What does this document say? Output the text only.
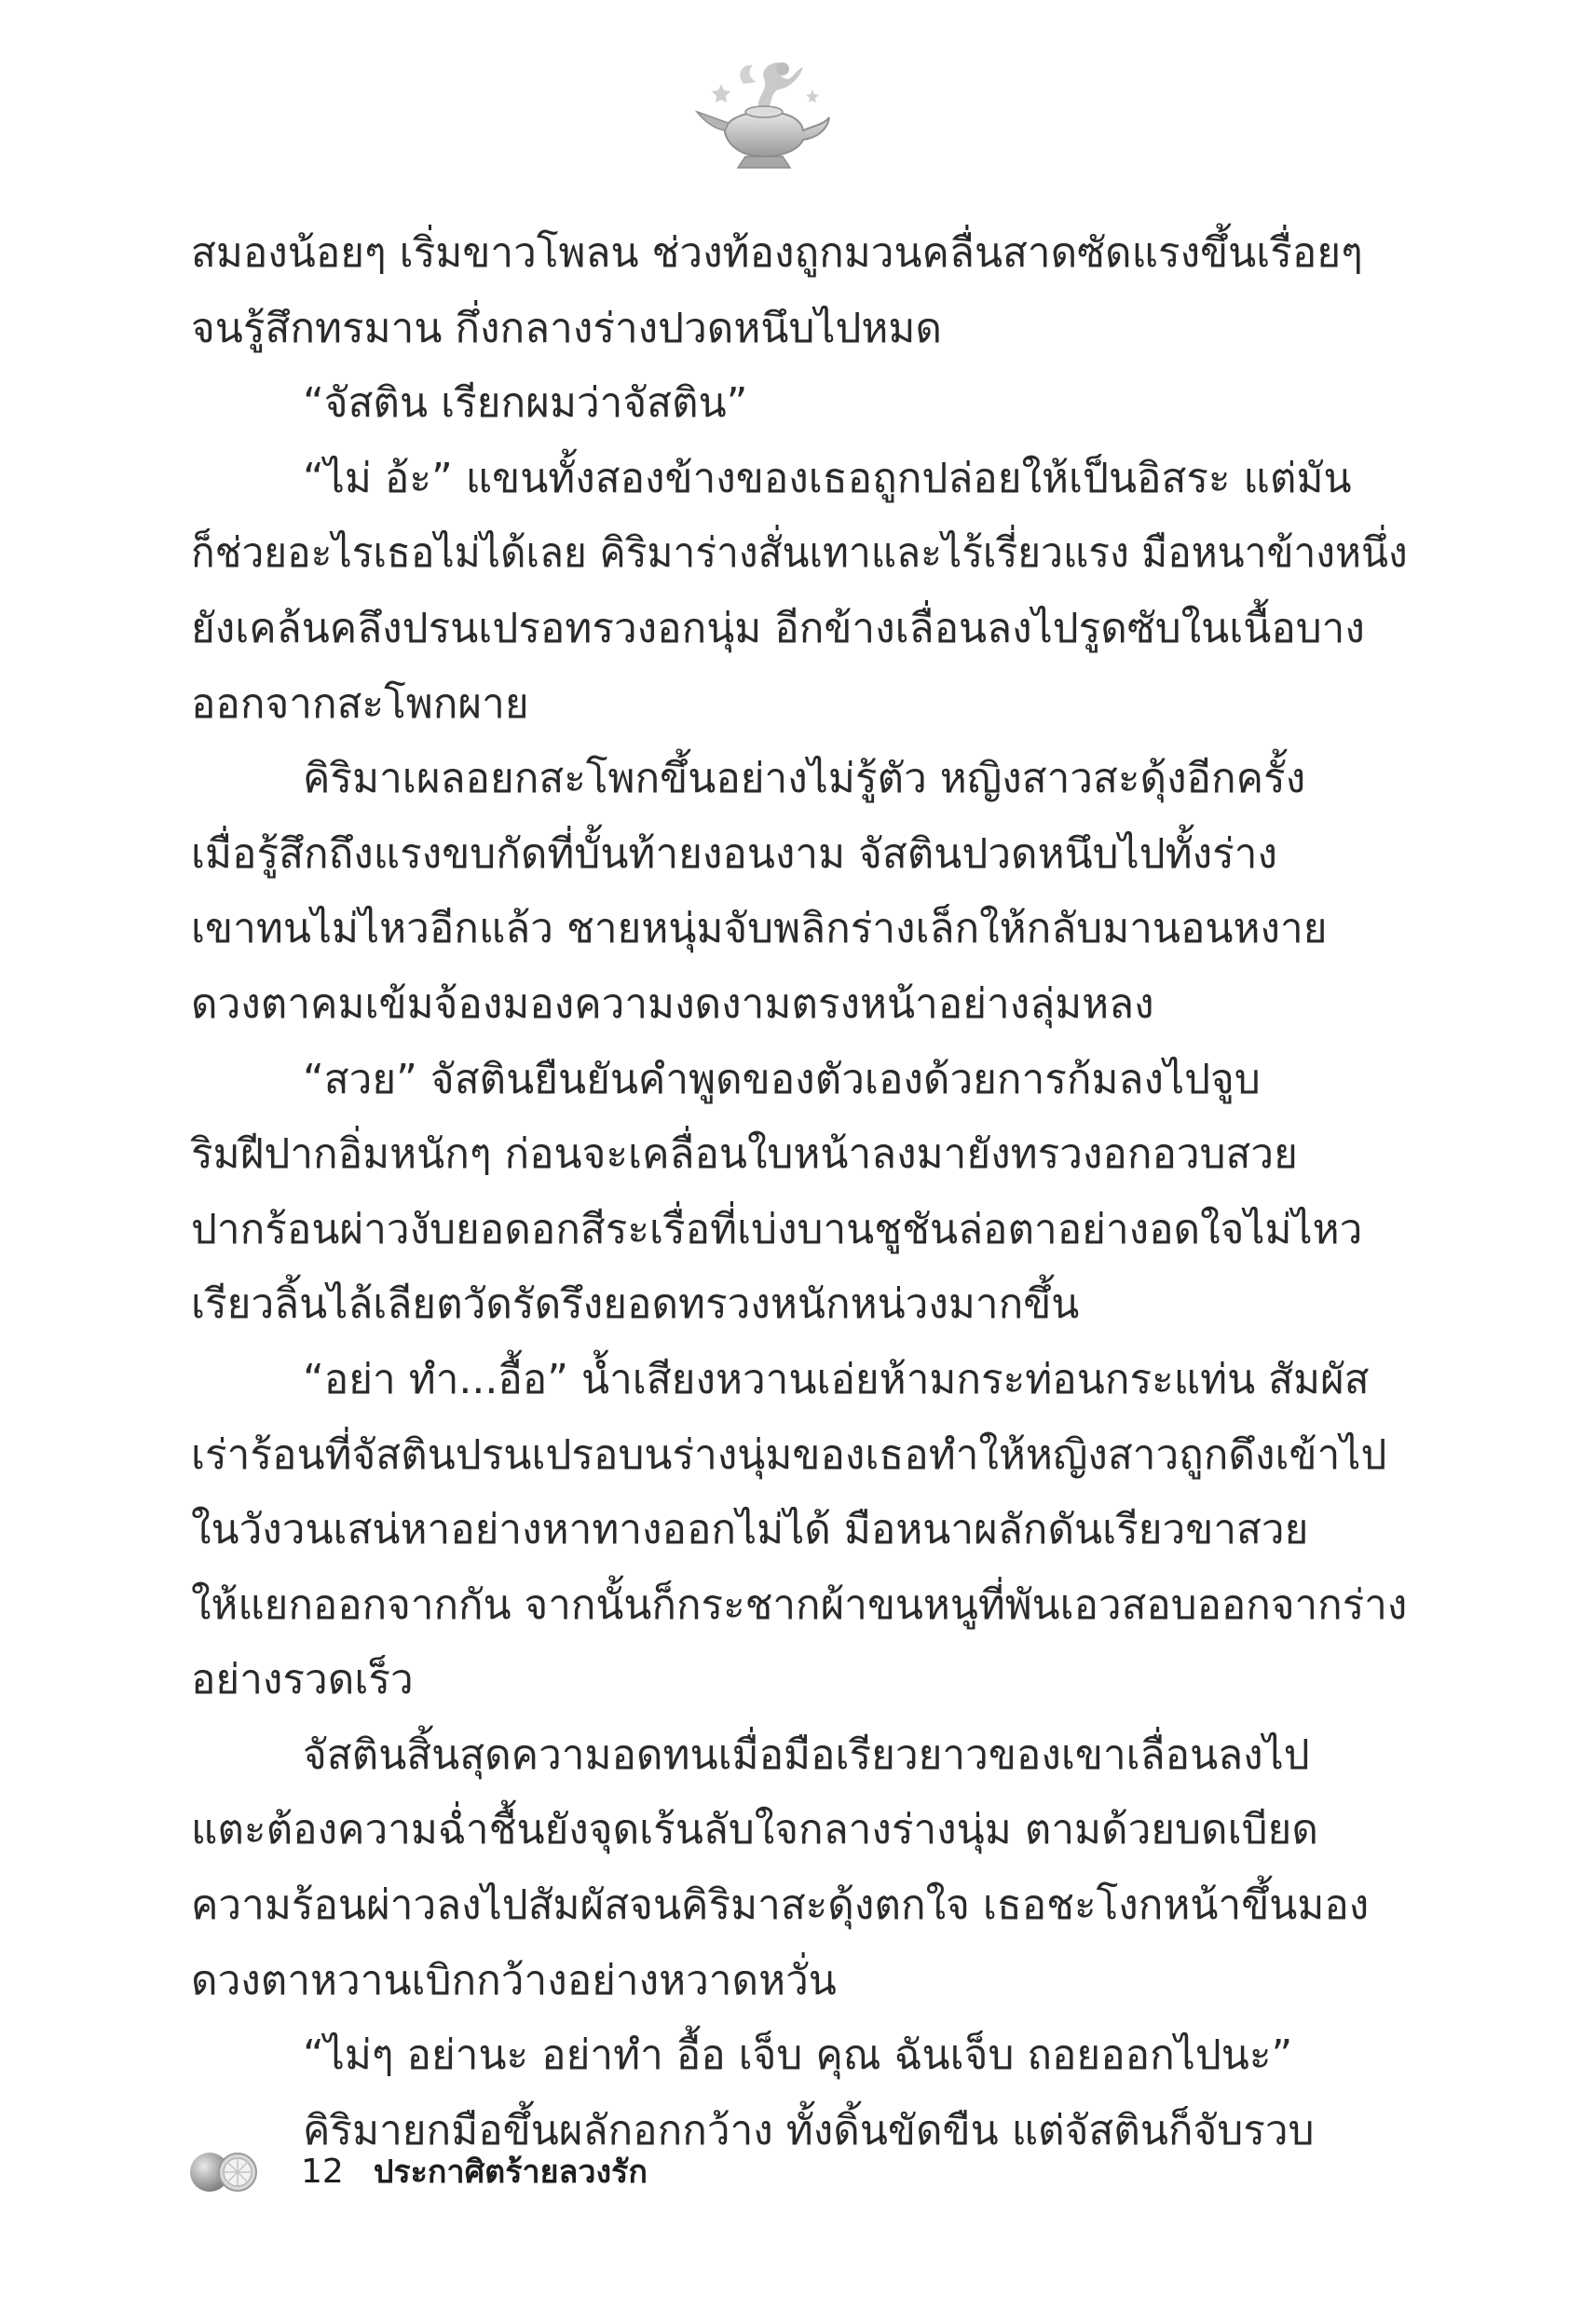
สมองน้อยๆ เริ่มขาวโพลน ช่วงท้องถูกมวนคลื่นสาดซัดแรงขึ้นเรื่อยๆ
จนรู้สึกทรมาน กึ่งกลางร่างปวดหนึบไปหมด
“จัสติน เรียกผมว่าจัสติน”
“ไม่ อ้ะ” แขนทั้งสองข้างของเธอถูกปล่อยให้เป็นอิสระ แต่มัน
ก็ช่วยอะไรเธอไม่ได้เลย คิริมาร่างสั่นเทาและไร้เรี่ยวแรง มือหนาข้างหนึ่ง
ยังเคล้นคลึงปรนเปรอทรวงอกนุ่ม อีกข้างเลื่อนลงไปรูดซับในเนื้อบาง
ออกจากสะโพกผาย
คิริมาเผลอยกสะโพกขึ้นอย่างไม่รู้ตัว หญิงสาวสะดุ้งอีกครั้ง
เมื่อรู้สึกถึงแรงขบกัดที่บั้นท้ายงอนงาม จัสตินปวดหนึบไปทั้งร่าง
เขาทนไม่ไหวอีกแล้ว ชายหนุ่มจับพลิกร่างเล็กให้กลับมานอนหงาย
ดวงตาคมเข้มจ้องมองความงดงามตรงหน้าอย่างลุ่มหลง
“สวย” จัสตินยืนยันคำพูดของตัวเองด้วยการก้มลงไปจูบ
ริมฝีปากอิ่มหนักๆ ก่อนจะเคลื่อนใบหน้าลงมายังทรวงอกอวบสวย
ปากร้อนผ่าวงับยอดอกสีระเรื่อที่เบ่งบานชูชันล่อตาอย่างอดใจไม่ไหว
เรียวลิ้นไล้เลียตวัดรัดรึงยอดทรวงหนักหน่วงมากขึ้น
“อย่า ทำ...อื้อ” น้ำเสียงหวานเอ่ยห้ามกระท่อนกระแท่น สัมผัส
เร่าร้อนที่จัสตินปรนเปรอบนร่างนุ่มของเธอทำให้หญิงสาวถูกดึงเข้าไป
ในวังวนเสน่หาอย่างหาทางออกไม่ได้ มือหนาผลักดันเรียวขาสวย
ให้แยกออกจากกัน จากนั้นก็กระชากผ้าขนหนูที่พันเอวสอบออกจากร่าง
อย่างรวดเร็ว
จัสตินสิ้นสุดความอดทนเมื่อมือเรียวยาวของเขาเลื่อนลงไป
แตะต้องความฉ่ำชื้นยังจุดเร้นลับใจกลางร่างนุ่ม ตามด้วยบดเบียด
ความร้อนผ่าวลงไปสัมผัสจนคิริมาสะดุ้งตกใจ เธอชะโงกหน้าขึ้นมอง
ดวงตาหวานเบิกกว้างอย่างหวาดหวั่น
“ไม่ๆ อย่านะ อย่าทำ อื้อ เจ็บ คุณ ฉันเจ็บ ถอยออกไปนะ”
คิริมายกมือขึ้นผลักอกกว้าง ทั้งดิ้นขัดขืน แต่จัสตินก็จับรวบ
12 ประกาศิตร้ายลวงรัก
